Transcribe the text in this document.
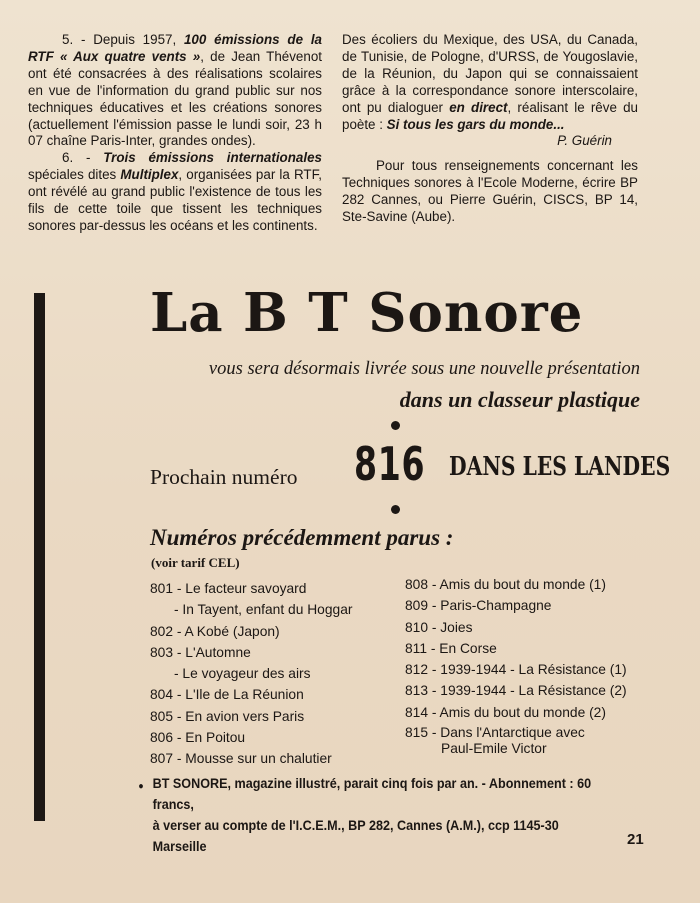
5. - Depuis 1957, 100 émissions de la RTF « Aux quatre vents », de Jean Thévenot ont été consacrées à des réalisations scolaires en vue de l'information du grand public sur nos techniques éducatives et les créations sonores (actuellement l'émission passe le lundi soir, 23 h 07 chaîne Paris-Inter, grandes ondes).

6. - Trois émissions internationales spéciales dites Multiplex, organisées par la RTF, ont révélé au grand public l'existence de tous les fils de cette toile que tissent les techniques sonores par-dessus les océans et les continents.

Des écoliers du Mexique, des USA, du Canada, de Tunisie, de Pologne, d'URSS, de Yougoslavie, de la Réunion, du Japon qui se connaissaient grâce à la correspondance sonore interscolaire, ont pu dialoguer en direct, réalisant le rêve du poète : Si tous les gars du monde...

P. Guérin

Pour tous renseignements concernant les Techniques sonores à l'Ecole Moderne, écrire BP 282 Cannes, ou Pierre Guérin, CISCS, BP 14, Ste-Savine (Aube).

La B T Sonore
vous sera désormais livrée sous une nouvelle présentation
dans un classeur plastique
Prochain numéro 816 DANS LES LANDES
Numéros précédemment parus :
(voir tarif CEL)
801 - Le facteur savoyard
- In Tayent, enfant du Hoggar
802 - A Kobé (Japon)
803 - L'Automne
- Le voyageur des airs
804 - L'Ile de La Réunion
805 - En avion vers Paris
806 - En Poitou
807 - Mousse sur un chalutier
808 - Amis du bout du monde (1)
809 - Paris-Champagne
810 - Joies
811 - En Corse
812 - 1939-1944 - La Résistance (1)
813 - 1939-1944 - La Résistance (2)
814 - Amis du bout du monde (2)
815 - Dans l'Antarctique avec
Paul-Emile Victor
● BT SONORE, magazine illustré, parait cinq fois par an. - Abonnement : 60 francs,

à verser au compte de l'I.C.E.M., BP 282, Cannes (A.M.), ccp 1145-30 Marseille	21
